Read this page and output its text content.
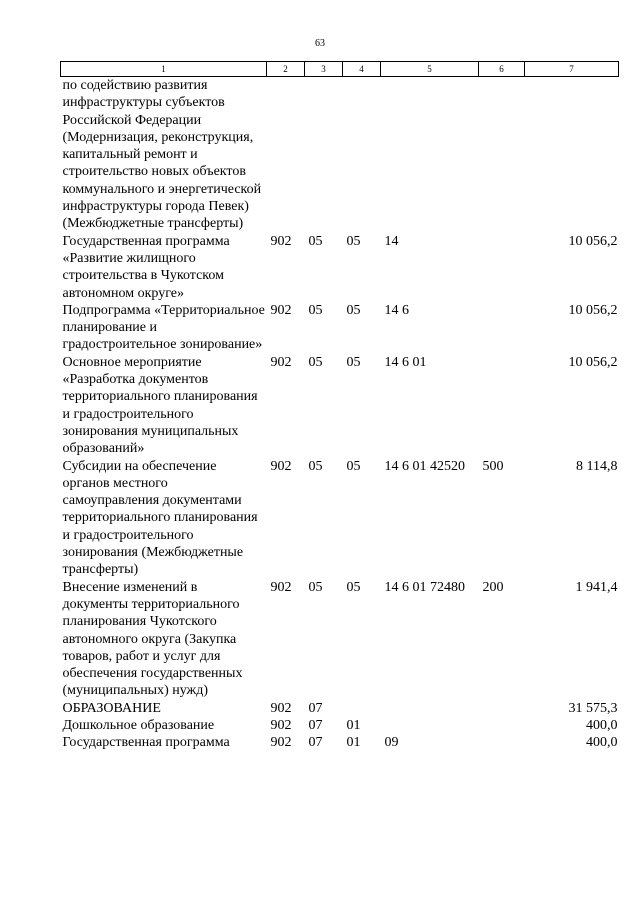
63
1	2	3	4	5	6	7
по содействию развития инфраструктуры субъектов Российской Федерации (Модернизация, реконструкция, капитальный ремонт и строительство новых объектов коммунального и энергетической инфраструктуры города Певек) (Межбюджетные трансферты)						
Государственная программа «Развитие жилищного строительства в Чукотском автономном округе»	902	05	05	14		10 056,2
Подпрограмма «Территориальное планирование и градостроительное зонирование»	902	05	05	14 6		10 056,2
Основное мероприятие «Разработка документов территориального планирования и градостроительного зонирования муниципальных образований»	902	05	05	14 6 01		10 056,2
Субсидии на обеспечение органов местного самоуправления документами территориального планирования и градостроительного зонирования (Межбюджетные трансферты)	902	05	05	14 6 01 42520	500	8 114,8
Внесение изменений в документы территориального планирования Чукотского автономного округа (Закупка товаров, работ и услуг для обеспечения государственных (муниципальных) нужд)	902	05	05	14 6 01 72480	200	1 941,4
ОБРАЗОВАНИЕ	902	07				31 575,3
Дошкольное образование	902	07	01			400,0
Государственная программа	902	07	01	09		400,0
